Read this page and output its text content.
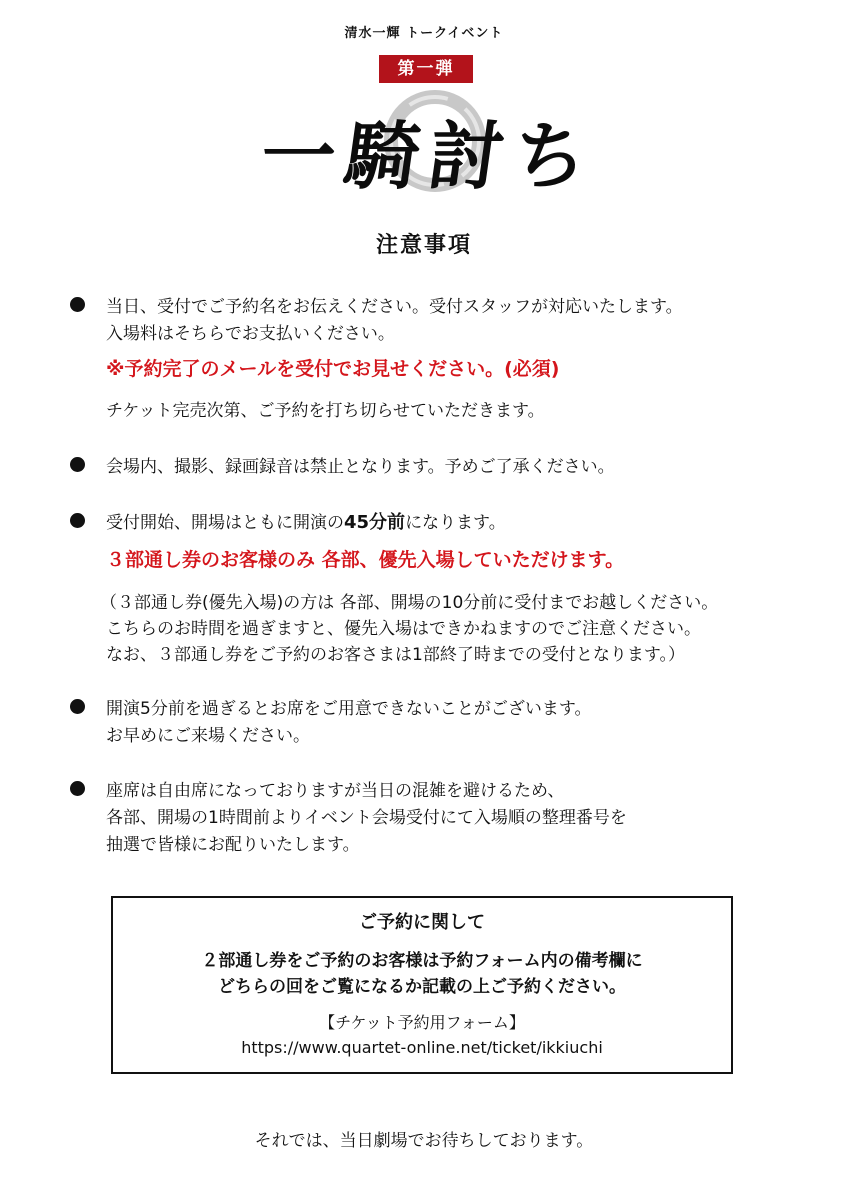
清水一輝 トークイベント
第一弾
一騎討ち
注意事項
当日、受付でご予約名をお伝えください。受付スタッフが対応いたします。
入場料はそちらでお支払いください。
※予約完了のメールを受付でお見せください。(必須)
チケット完売次第、ご予約を打ち切らせていただきます。
会場内、撮影、録画録音は禁止となります。予めご了承ください。
受付開始、開場はともに開演の45分前になります。
３部通し券のお客様のみ 各部、優先入場していただけます。
（３部通し券(優先入場)の方は 各部、開場の10分前に受付までお越しください。
こちらのお時間を過ぎますと、優先入場はできかねますのでご注意ください。
なお、３部通し券をご予約のお客さまは1部終了時までの受付となります。）
開演5分前を過ぎるとお席をご用意できないことがございます。
お早めにご来場ください。
座席は自由席になっておりますが当日の混雑を避けるため、
各部、開場の1時間前よりイベント会場受付にて入場順の整理番号を
抽選で皆様にお配りいたします。
ご予約に関して
２部通し券をご予約のお客様は予約フォーム内の備考欄に
どちらの回をご覧になるか記載の上ご予約ください。
【チケット予約用フォーム】
https://www.quartet-online.net/ticket/ikkiuchi
それでは、当日劇場でお待ちしております。
